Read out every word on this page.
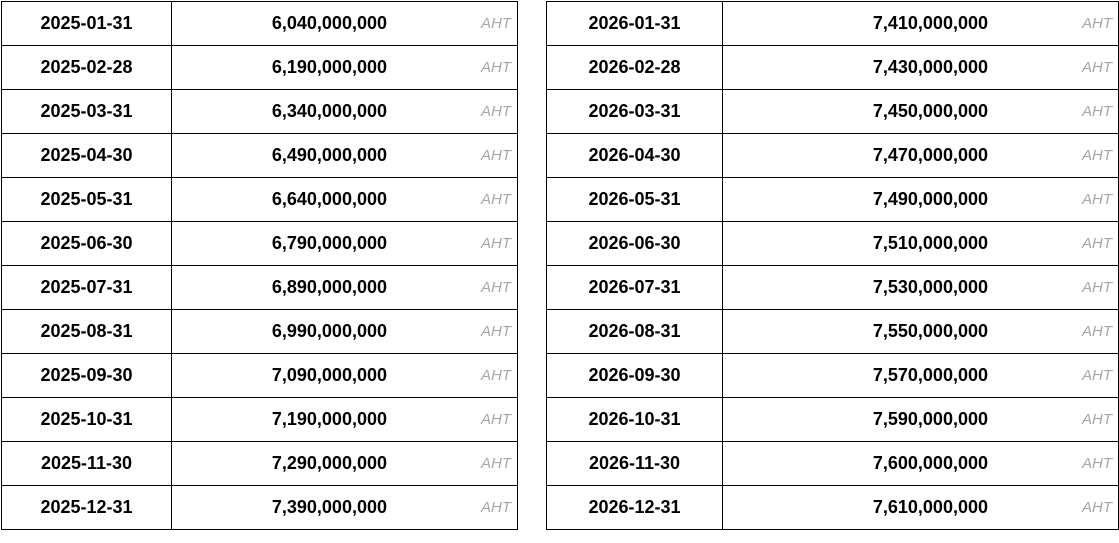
2025-01-31	6,040,000,000 AHT

2025-02-28	6,190,000,000 AHT

2025-03-31	6,340,000,000 AHT

2025-04-30	6,490,000,000 AHT

2025-05-31	6,640,000,000 AHT

2025-06-30	6,790,000,000 AHT

2025-07-31	6,890,000,000 AHT

2025-08-31	6,990,000,000 AHT

2025-09-30	7,090,000,000 AHT

2025-10-31	7,190,000,000 AHT

2025-11-30	7,290,000,000 AHT

2025-12-31	7,390,000,000 AHT
2026-01-31	7,410,000,000 AHT

2026-02-28	7,430,000,000 AHT

2026-03-31	7,450,000,000 AHT

2026-04-30	7,470,000,000 AHT

2026-05-31	7,490,000,000 AHT

2026-06-30	7,510,000,000 AHT

2026-07-31	7,530,000,000 AHT

2026-08-31	7,550,000,000 AHT

2026-09-30	7,570,000,000 AHT

2026-10-31	7,590,000,000 AHT

2026-11-30	7,600,000,000 AHT

2026-12-31	7,610,000,000 AHT
